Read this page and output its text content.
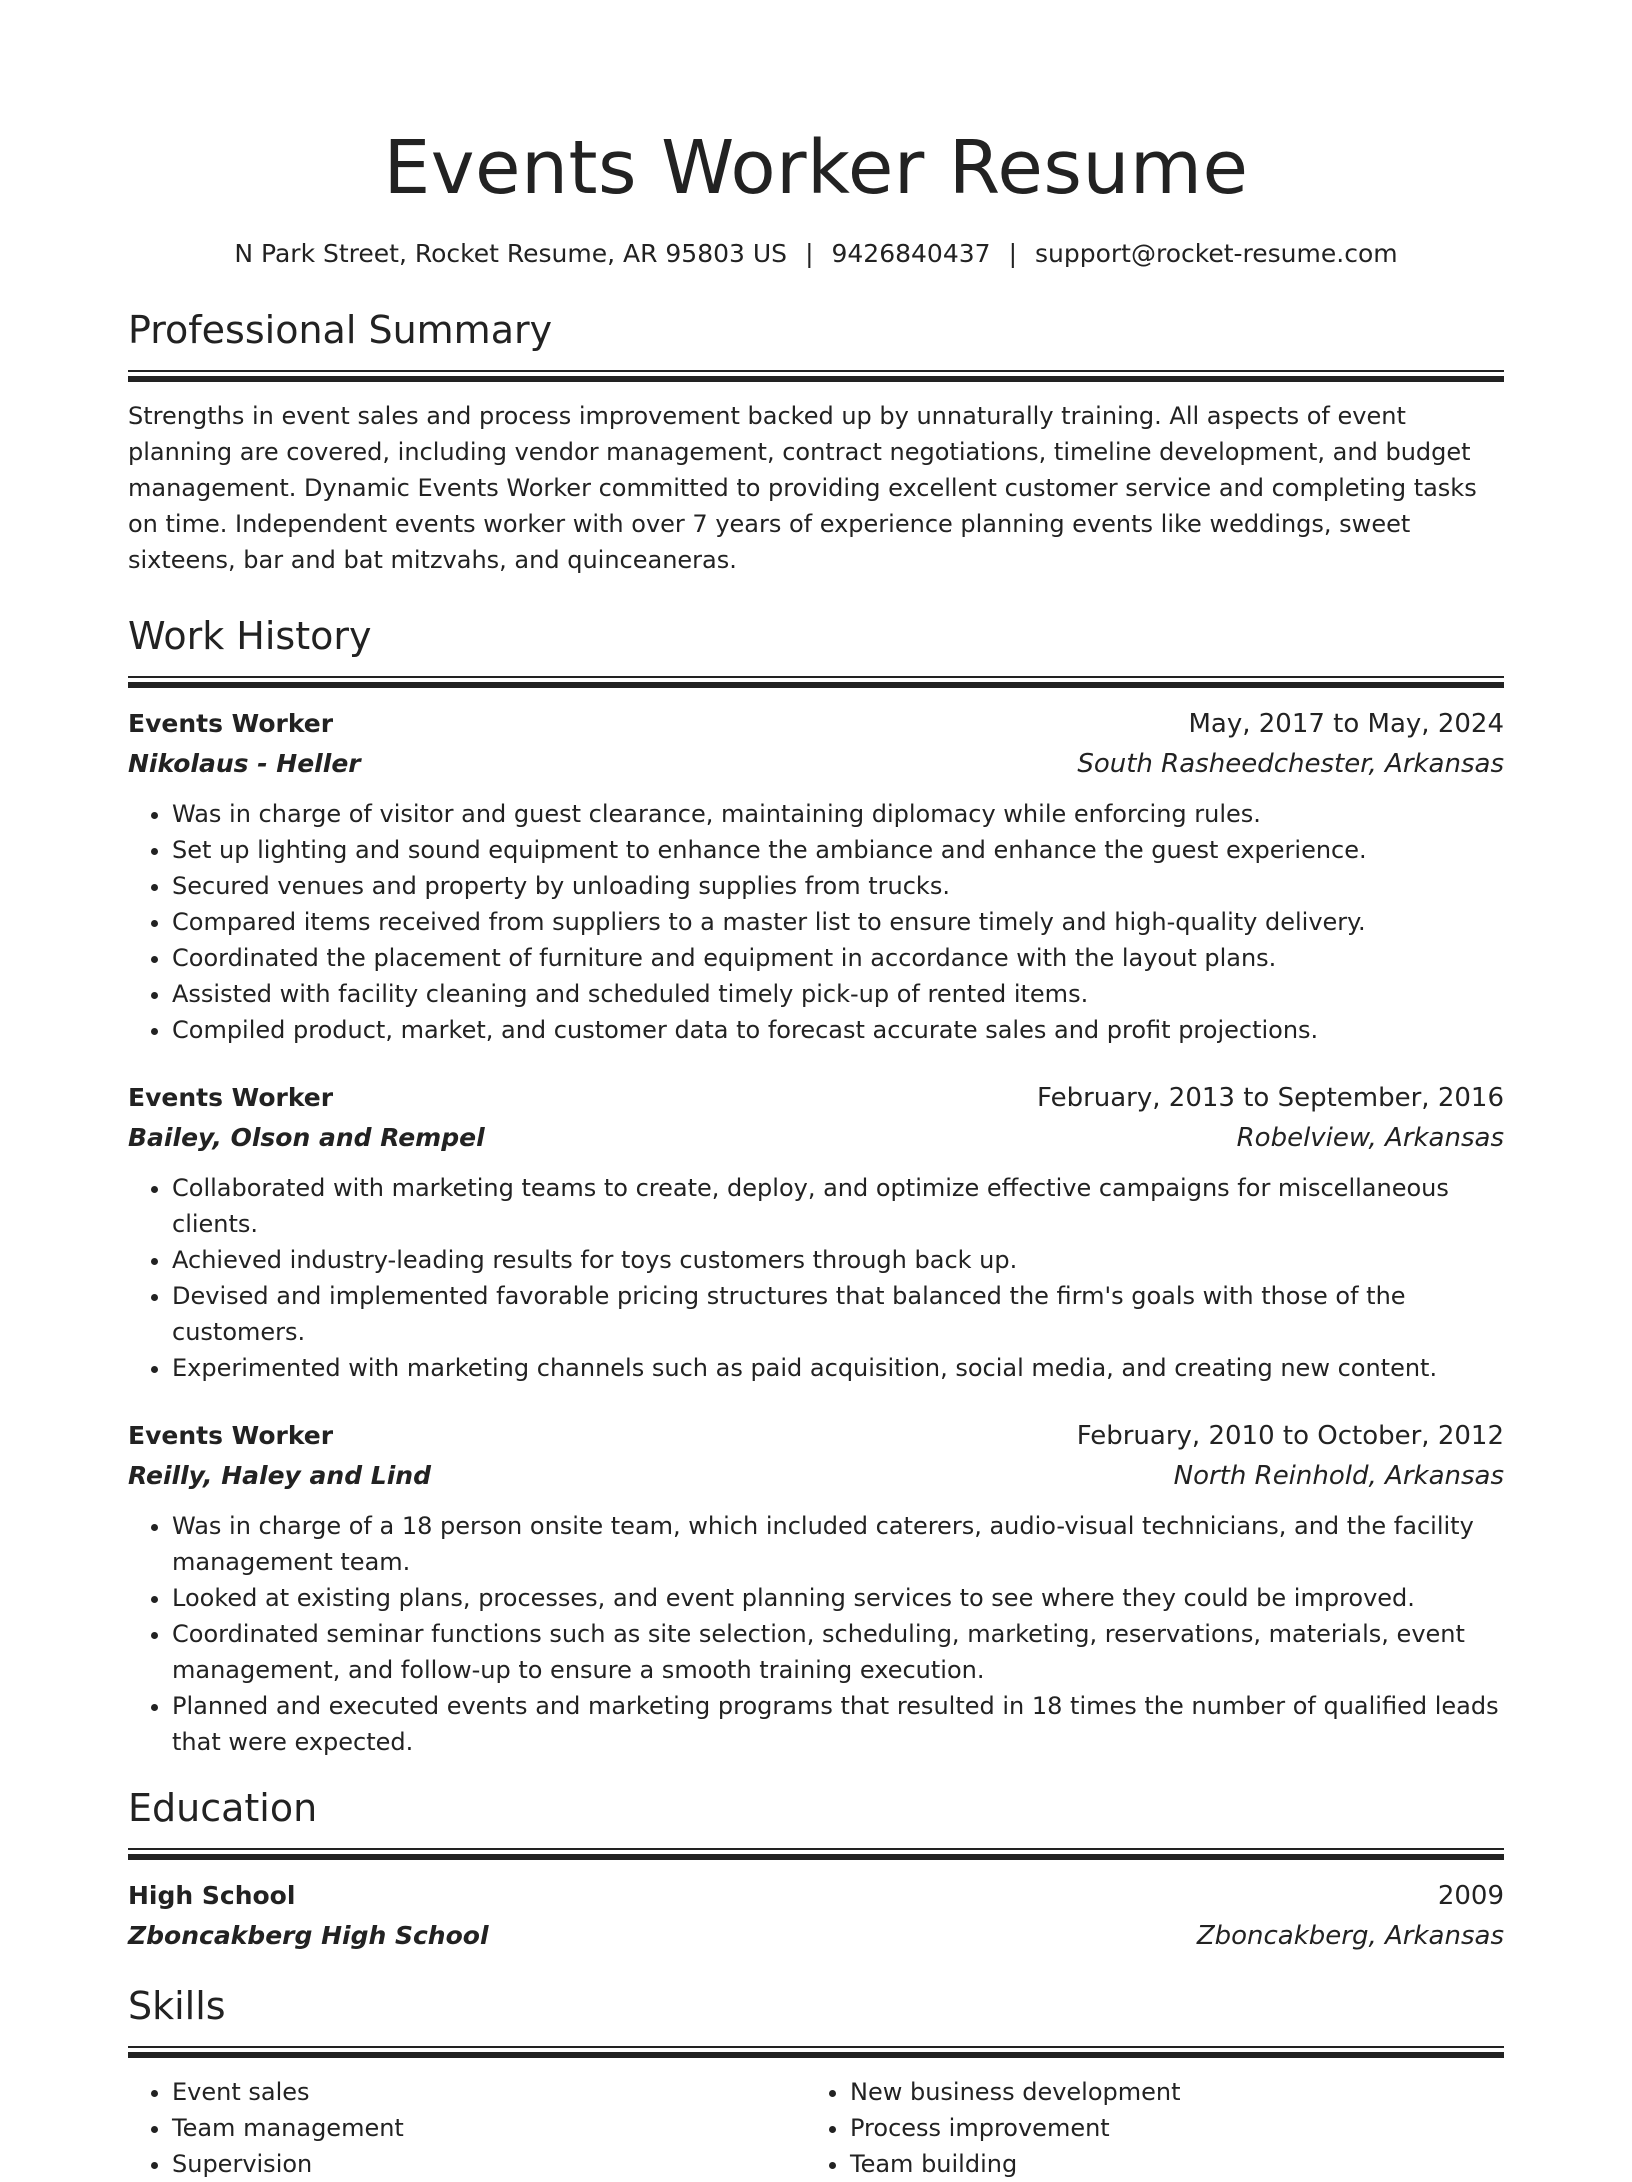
Events Worker Resume
N Park Street, Rocket Resume, AR 95803 US | 9426840437 | support@rocket-resume.com
Professional Summary
Strengths in event sales and process improvement backed up by unnaturally training. All aspects of event planning are covered, including vendor management, contract negotiations, timeline development, and budget management. Dynamic Events Worker committed to providing excellent customer service and completing tasks on time. Independent events worker with over 7 years of experience planning events like weddings, sweet sixteens, bar and bat mitzvahs, and quinceaneras.
Work History
Events Worker	May, 2017 to May, 2024
Nikolaus - Heller	South Rasheedchester, Arkansas
• Was in charge of visitor and guest clearance, maintaining diplomacy while enforcing rules.
• Set up lighting and sound equipment to enhance the ambiance and enhance the guest experience.
• Secured venues and property by unloading supplies from trucks.
• Compared items received from suppliers to a master list to ensure timely and high-quality delivery.
• Coordinated the placement of furniture and equipment in accordance with the layout plans.
• Assisted with facility cleaning and scheduled timely pick-up of rented items.
• Compiled product, market, and customer data to forecast accurate sales and profit projections.
Events Worker	February, 2013 to September, 2016
Bailey, Olson and Rempel	Robelview, Arkansas
• Collaborated with marketing teams to create, deploy, and optimize effective campaigns for miscellaneous clients.
• Achieved industry-leading results for toys customers through back up.
• Devised and implemented favorable pricing structures that balanced the firm's goals with those of the customers.
• Experimented with marketing channels such as paid acquisition, social media, and creating new content.
Events Worker	February, 2010 to October, 2012
Reilly, Haley and Lind	North Reinhold, Arkansas
• Was in charge of a 18 person onsite team, which included caterers, audio-visual technicians, and the facility management team.
• Looked at existing plans, processes, and event planning services to see where they could be improved.
• Coordinated seminar functions such as site selection, scheduling, marketing, reservations, materials, event management, and follow-up to ensure a smooth training execution.
• Planned and executed events and marketing programs that resulted in 18 times the number of qualified leads that were expected.
Education
High School	2009
Zboncakberg High School	Zboncakberg, Arkansas
Skills
• Event sales
• Team management
• Supervision
• New business development
• Process improvement
• Team building
